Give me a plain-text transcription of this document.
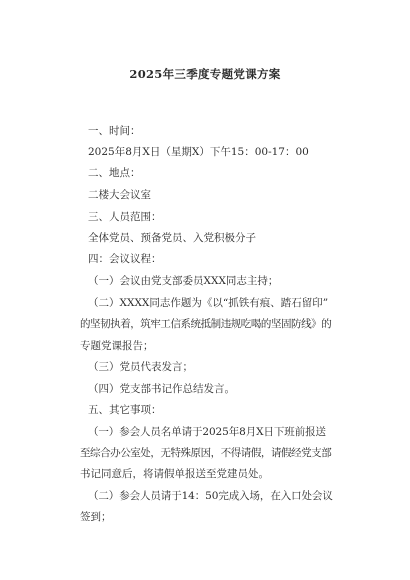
2025年三季度专题党课方案
一、时间：
2025年8月X日（星期X）下午15：00-17：00
二、地点：
二楼大会议室
三、人员范围：
全体党员、预备党员、入党积极分子
四：会议议程：
（一）会议由党支部委员XXX同志主持；
（二）XXXX同志作题为《以“抓铁有痕、踏石留印”
的坚韧执着，筑牢工信系统抵制违规吃喝的坚固防线》的
专题党课报告；
（三）党员代表发言；
（四）党支部书记作总结发言。
五、其它事项：
（一）参会人员名单请于2025年8月X日下班前报送
至综合办公室处，无特殊原因，不得请假，请假经党支部
书记同意后，将请假单报送至党建员处。
（二）参会人员请于14：50完成入场，在入口处会议
签到；
